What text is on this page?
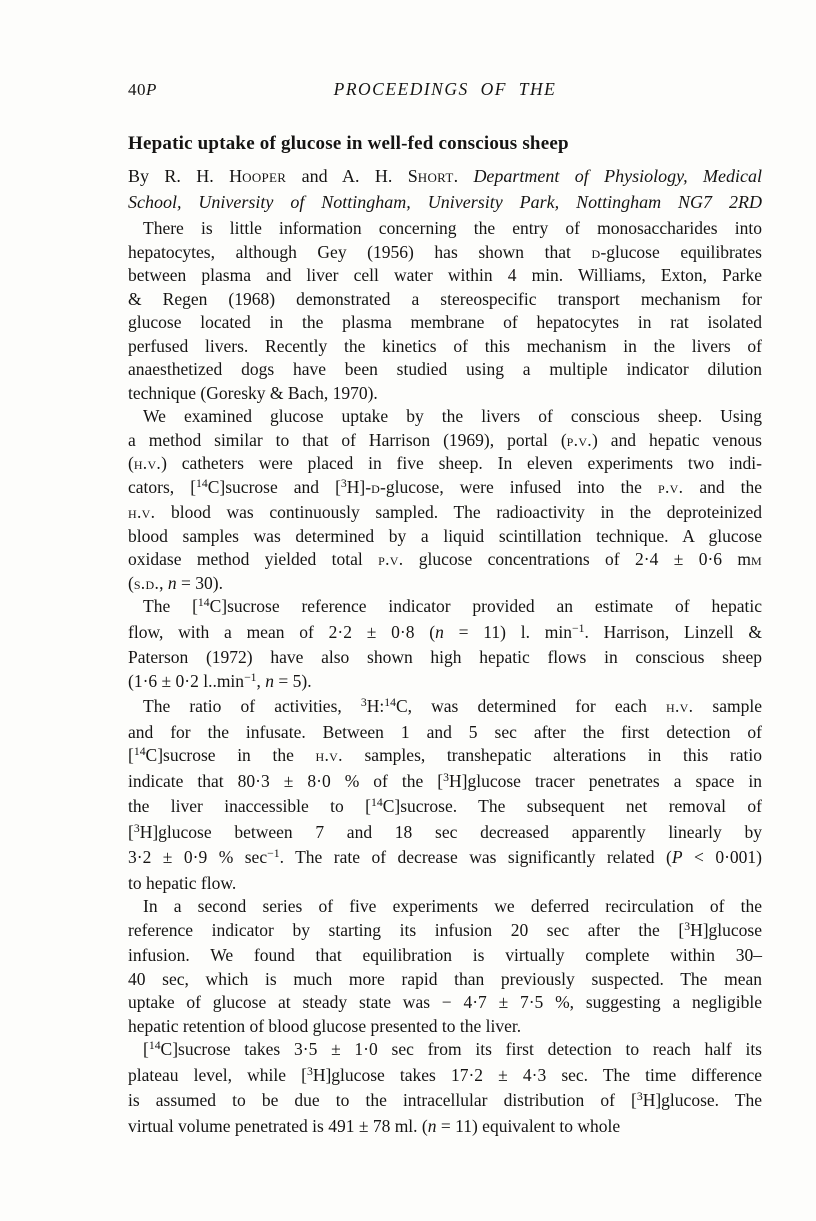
40P	PROCEEDINGS OF THE
Hepatic uptake of glucose in well-fed conscious sheep
By R. H. Hooper and A. H. Short. Department of Physiology, Medical
School, University of Nottingham, University Park, Nottingham NG7 2RD
There is little information concerning the entry of monosaccharides into
hepatocytes, although Gey (1956) has shown that d-glucose equilibrates
between plasma and liver cell water within 4 min. Williams, Exton, Parke
& Regen (1968) demonstrated a stereospecific transport mechanism for
glucose located in the plasma membrane of hepatocytes in rat isolated
perfused livers. Recently the kinetics of this mechanism in the livers of
anaesthetized dogs have been studied using a multiple indicator dilution
technique (Goresky & Bach, 1970).
We examined glucose uptake by the livers of conscious sheep. Using
a method similar to that of Harrison (1969), portal (p.v.) and hepatic venous
(h.v.) catheters were placed in five sheep. In eleven experiments two indi-
cators, [$^{14}$C]sucrose and [$^3$H]-d-glucose, were infused into the p.v. and the
h.v. blood was continuously sampled. The radioactivity in the deproteinized
blood samples was determined by a liquid scintillation technique. A glucose
oxidase method yielded total p.v. glucose concentrations of 2·4 ± 0·6 mm
(s.d., n = 30).
The [$^{14}$C]sucrose reference indicator provided an estimate of hepatic
flow, with a mean of 2·2 ± 0·8 (n = 11) l. $\min^{-1}$. Harrison, Linzell &
Paterson (1972) have also shown high hepatic flows in conscious sheep
(1·6 ± 0·2 $l..\min^{-1}$, n = 5).
The ratio of activities, $^3$H:$^{14}$C, was determined for each h.v. sample
and for the infusate. Between 1 and 5 sec after the first detection of
[$^{14}$C]sucrose in the h.v. samples, transhepatic alterations in this ratio
indicate that 80·3 ± 8·0 % of the [$^3$H]glucose tracer penetrates a space in
the liver inaccessible to [$^{14}$C]sucrose. The subsequent net removal of
[$^3$H]glucose between 7 and 18 sec decreased apparently linearly by
3·2 ± 0·9 % $\sec^{-1}$. The rate of decrease was significantly related (P < 0·001)
to hepatic flow.
In a second series of five experiments we deferred recirculation of the
reference indicator by starting its infusion 20 sec after the [$^3$H]glucose
infusion. We found that equilibration is virtually complete within 30–
40 sec, which is much more rapid than previously suspected. The mean
uptake of glucose at steady state was − 4·7 ± 7·5 %, suggesting a negligible
hepatic retention of blood glucose presented to the liver.
[$^{14}$C]sucrose takes 3·5 ± 1·0 sec from its first detection to reach half its
plateau level, while [$^3$H]glucose takes 17·2 ± 4·3 sec. The time difference
is assumed to be due to the intracellular distribution of [$^3$H]glucose. The
virtual volume penetrated is 491 ± 78 ml. (n = 11) equivalent to whole
